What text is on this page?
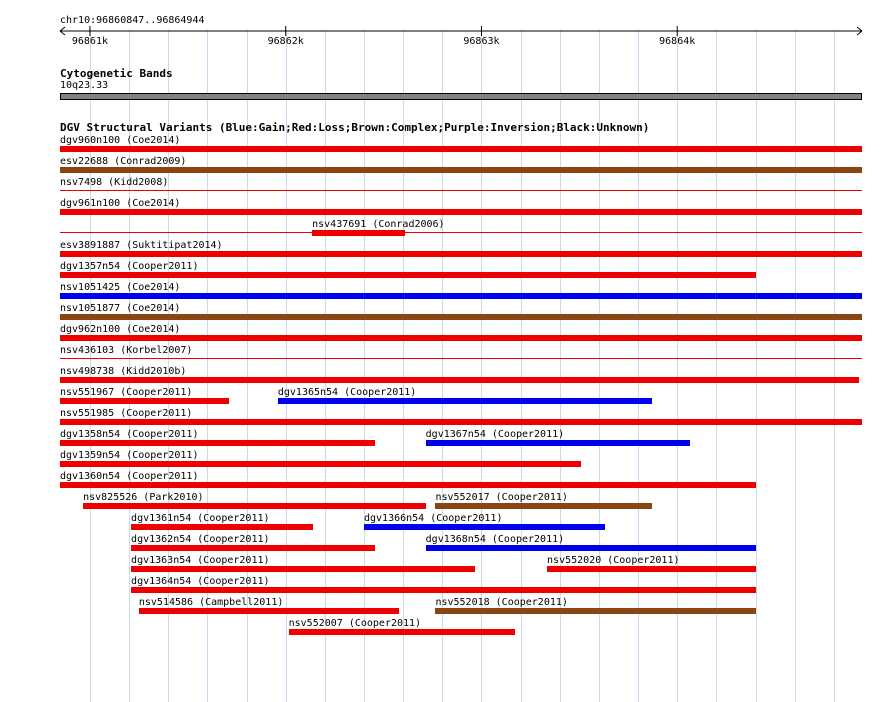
chr10:96860847..96864944
96861k	96862k	96863k	96864k
Cytogenetic Bands
10q23.33
DGV Structural Variants (Blue:Gain;Red:Loss;Brown:Complex;Purple:Inversion;Black:Unknown)
dgv960n100 (Coe2014)
esv22688 (Conrad2009)
nsv7498 (Kidd2008)
dgv961n100 (Coe2014)
nsv437691 (Conrad2006)
esv3891887 (Suktitipat2014)
dgv1357n54 (Cooper2011)
nsv1051425 (Coe2014)
nsv1051877 (Coe2014)
dgv962n100 (Coe2014)
nsv436103 (Korbel2007)
nsv498738 (Kidd2010b)
nsv551967 (Cooper2011)	dgv1365n54 (Cooper2011)
nsv551985 (Cooper2011)
dgv1358n54 (Cooper2011)	dgv1367n54 (Cooper2011)
dgv1359n54 (Cooper2011)
dgv1360n54 (Cooper2011)
nsv825526 (Park2010)	nsv552017 (Cooper2011)
dgv1361n54 (Cooper2011)	dgv1366n54 (Cooper2011)
dgv1362n54 (Cooper2011)	dgv1368n54 (Cooper2011)
dgv1363n54 (Cooper2011)	nsv552020 (Cooper2011)
dgv1364n54 (Cooper2011)
nsv514586 (Campbell2011)	nsv552018 (Cooper2011)
nsv552007 (Cooper2011)
